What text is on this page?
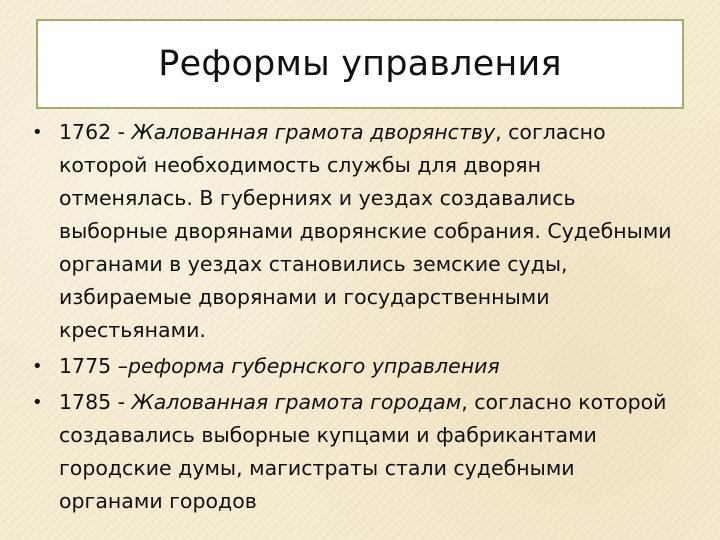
Реформы управления
• 1762 - Жалованная грамота дворянству, согласно которой необходимость службы для дворян отменялась. В губерниях и уездах создавались выборные дворянами дворянские собрания. Судебными органами в уездах становились земские суды, избираемые дворянами и государственными крестьянами.
• 1775 –реформа губернского управления
• 1785 - Жалованная грамота городам, согласно которой создавались выборные купцами и фабрикантами городские думы, магистраты стали судебными органами городов
